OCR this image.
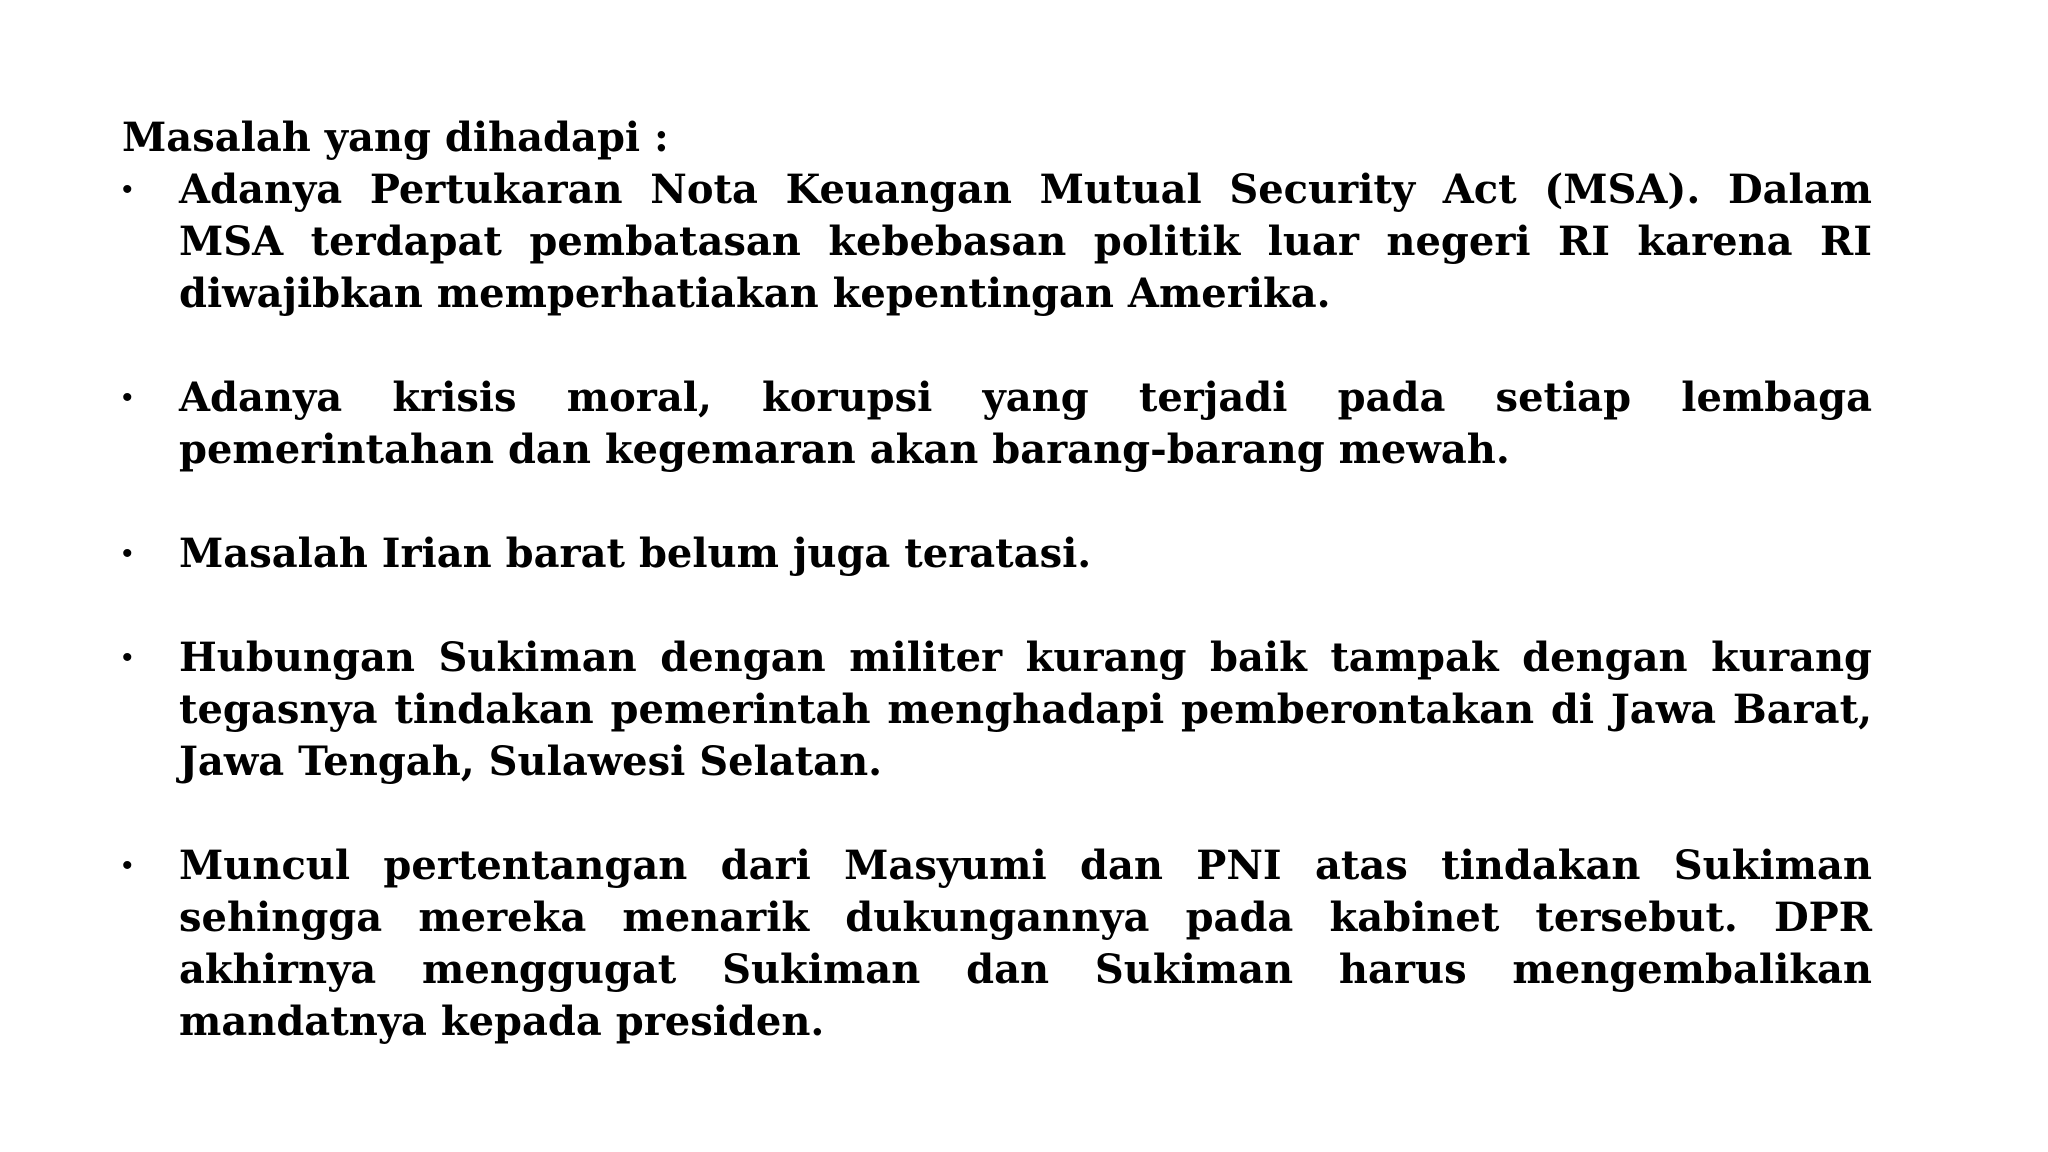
Masalah yang dihadapi :

• Adanya Pertukaran Nota Keuangan Mutual Security Act (MSA). Dalam MSA terdapat pembatasan kebebasan politik luar negeri RI karena RI diwajibkan memperhatiakan kepentingan Amerika.
• Adanya krisis moral, korupsi yang terjadi pada setiap lembaga pemerintahan dan kegemaran akan barang-barang mewah.
• Masalah Irian barat belum juga teratasi.
• Hubungan Sukiman dengan militer kurang baik tampak dengan kurang tegasnya tindakan pemerintah menghadapi pemberontakan di Jawa Barat, Jawa Tengah, Sulawesi Selatan.
• Muncul pertentangan dari Masyumi dan PNI atas tindakan Sukiman sehingga mereka menarik dukungannya pada kabinet tersebut. DPR akhirnya menggugat Sukiman dan Sukiman harus mengembalikan mandatnya kepada presiden.
